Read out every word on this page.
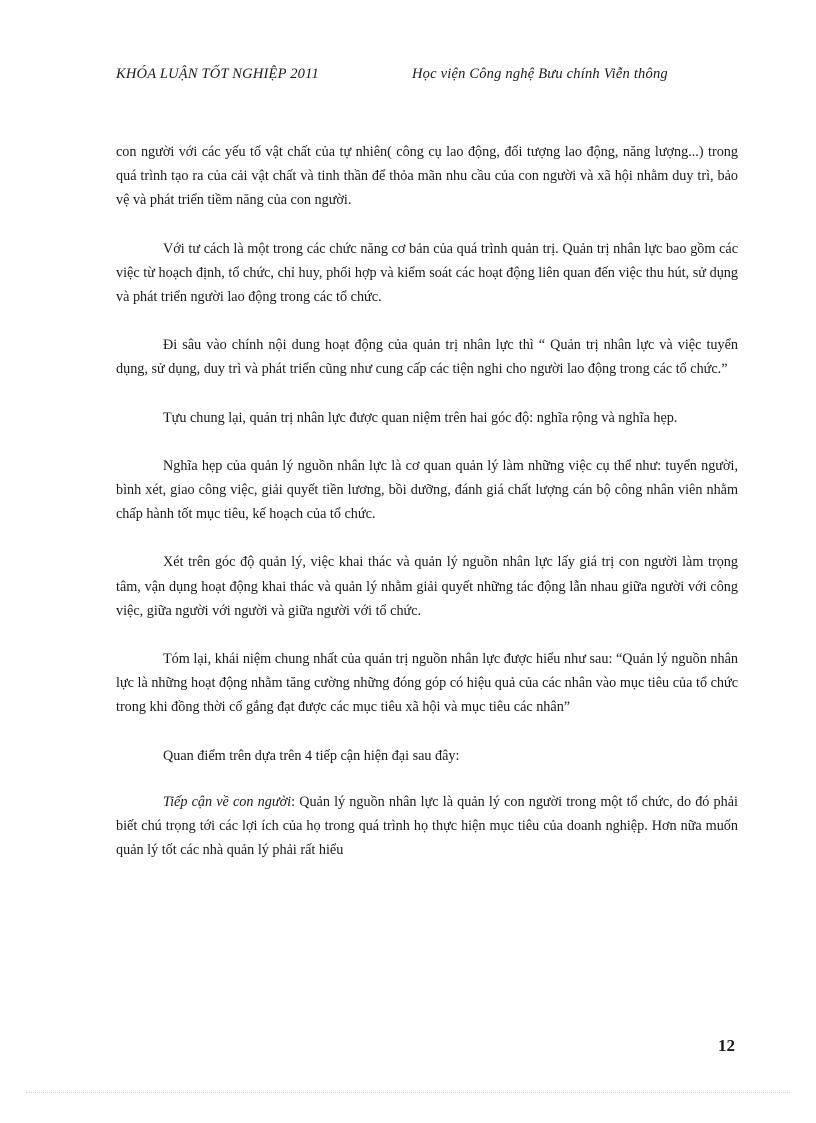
KHÓA LUẬN TỐT NGHIỆP 2011	Học viện Công nghệ Bưu chính Viễn thông

con người với các yếu tố vật chất của tự nhiên( công cụ lao động, đối tượng lao động, năng lượng...) trong quá trình tạo ra của cải vật chất và tinh thần để thỏa mãn nhu cầu của con người và xã hội nhằm duy trì, bảo vệ và phát triển tiềm năng của con người.

Với tư cách là một trong các chức năng cơ bản của quá trình quản trị. Quản trị nhân lực bao gồm các việc từ hoạch định, tổ chức, chỉ huy, phối hợp và kiểm soát các hoạt động liên quan đến việc thu hút, sử dụng và phát triển người lao động trong các tổ chức.

Đi sâu vào chính nội dung hoạt động của quản trị nhân lực thì “ Quản trị nhân lực và việc tuyển dụng, sử dụng, duy trì và phát triển cũng như cung cấp các tiện nghi cho người lao động trong các tổ chức.”

Tựu chung lại, quản trị nhân lực được quan niệm trên hai góc độ: nghĩa rộng và nghĩa hẹp.

Nghĩa hẹp của quản lý nguồn nhân lực là cơ quan quản lý làm những việc cụ thể như: tuyển người, bình xét, giao công việc, giải quyết tiền lương, bồi dưỡng, đánh giá chất lượng cán bộ công nhân viên nhằm chấp hành tốt mục tiêu, kế hoạch của tổ chức.

Xét trên góc độ quản lý, việc khai thác và quản lý nguồn nhân lực lấy giá trị con người làm trọng tâm, vận dụng hoạt động khai thác và quản lý nhằm giải quyết những tác động lẫn nhau giữa người với công việc, giữa người với người và giữa người với tổ chức.

Tóm lại, khái niệm chung nhất của quản trị nguồn nhân lực được hiểu như sau: “Quản lý nguồn nhân lực là những hoạt động nhằm tăng cường những đóng góp có hiệu quả của các nhân vào mục tiêu của tổ chức trong khi đồng thời cố gắng đạt được các mục tiêu xã hội và mục tiêu các nhân”

Quan điểm trên dựa trên 4 tiếp cận hiện đại sau đây:

Tiếp cận về con người: Quản lý nguồn nhân lực là quản lý con người trong một tổ chức, do đó phải biết chú trọng tới các lợi ích của họ trong quá trình họ thực hiện mục tiêu của doanh nghiệp. Hơn nữa muốn quản lý tốt các nhà quản lý phải rất hiểu

12
